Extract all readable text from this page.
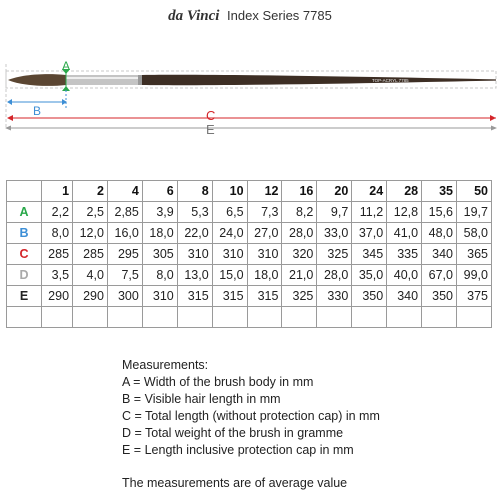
da Vinci Index Series 7785
TOP-ACRYL 7785
A
B	C
E
	1	2	4	6	8	10	12	16	20	24	28	35	50
A	2,2	2,5	2,85	3,9	5,3	6,5	7,3	8,2	9,7	11,2	12,8	15,6	19,7
B	8,0	12,0	16,0	18,0	22,0	24,0	27,0	28,0	33,0	37,0	41,0	48,0	58,0
C	285	285	295	305	310	310	310	320	325	345	335	340	365
D	3,5	4,0	7,5	8,0	13,0	15,0	18,0	21,0	28,0	35,0	40,0	67,0	99,0
E	290	290	300	310	315	315	315	325	330	350	340	350	375

Measurements:
A = Width of the brush body in mm
B = Visible hair length in mm
C = Total length (without protection cap) in mm
D = Total weight of the brush in gramme
E = Length inclusive protection cap in mm
The measurements are of average value
